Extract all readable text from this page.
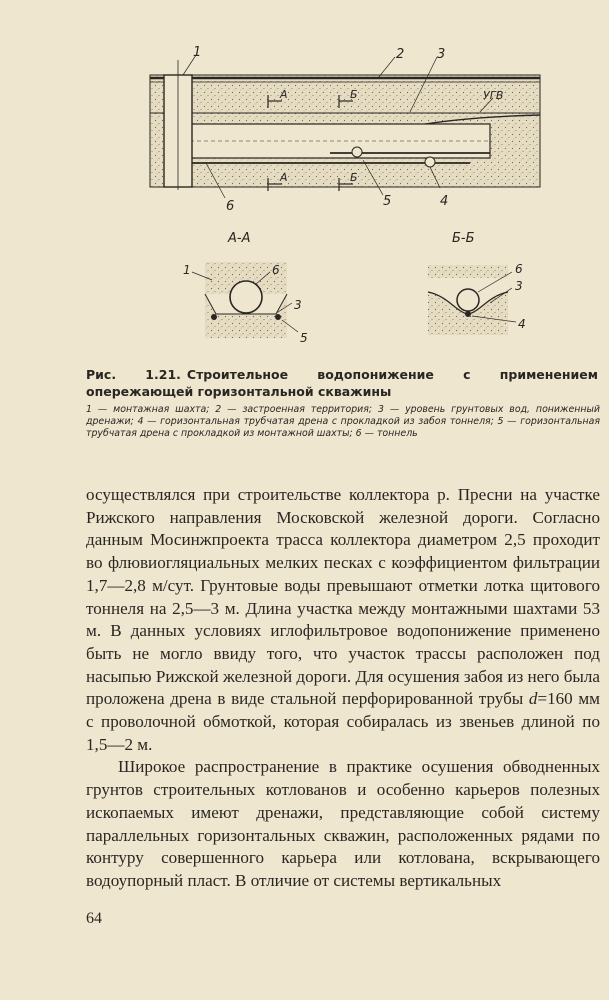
1	2	3
УГВ
А	Б
А	Б
6	5	4
А-А
1	6
3
5
Б-Б
6
3
4

Рис. 1.21. Строительное водопонижение с применением опережающей горизонтальной скважины

1 — монтажная шахта; 2 — застроенная территория; 3 — уровень грунтовых вод, пониженный дренажи; 4 — горизонтальная трубчатая дрена с прокладкой из забоя тоннеля; 5 — горизонтальная трубчатая дрена с прокладкой из монтажной шахты; 6 — тоннель

осуществлялся при строительстве коллектора р. Пресни на участке Рижского направления Московской железной дороги. Согласно данным Мосинжпроекта трасса коллектора диаметром 2,5 проходит во флювиогляциальных мелких песках с коэффициентом фильтрации 1,7—2,8 м/сут. Грунтовые воды превышают отметки лотка щитового тоннеля на 2,5—3 м. Длина участка между монтажными шахтами 53 м. В данных условиях иглофильтровое водопонижение применено быть не могло ввиду того, что участок трассы расположен под насыпью Рижской железной дороги. Для осушения забоя из него была проложена дрена в виде стальной перфорированной трубы d=160 мм с проволочной обмоткой, которая собиралась из звеньев длиной по 1,5—2 м.

Широкое распространение в практике осушения обводненных грунтов строительных котлованов и особенно карьеров полезных ископаемых имеют дренажи, представляющие собой систему параллельных горизонтальных скважин, расположенных рядами по контуру совершенного карьера или котлована, вскрывающего водоупорный пласт. В отличие от системы вертикальных

64
